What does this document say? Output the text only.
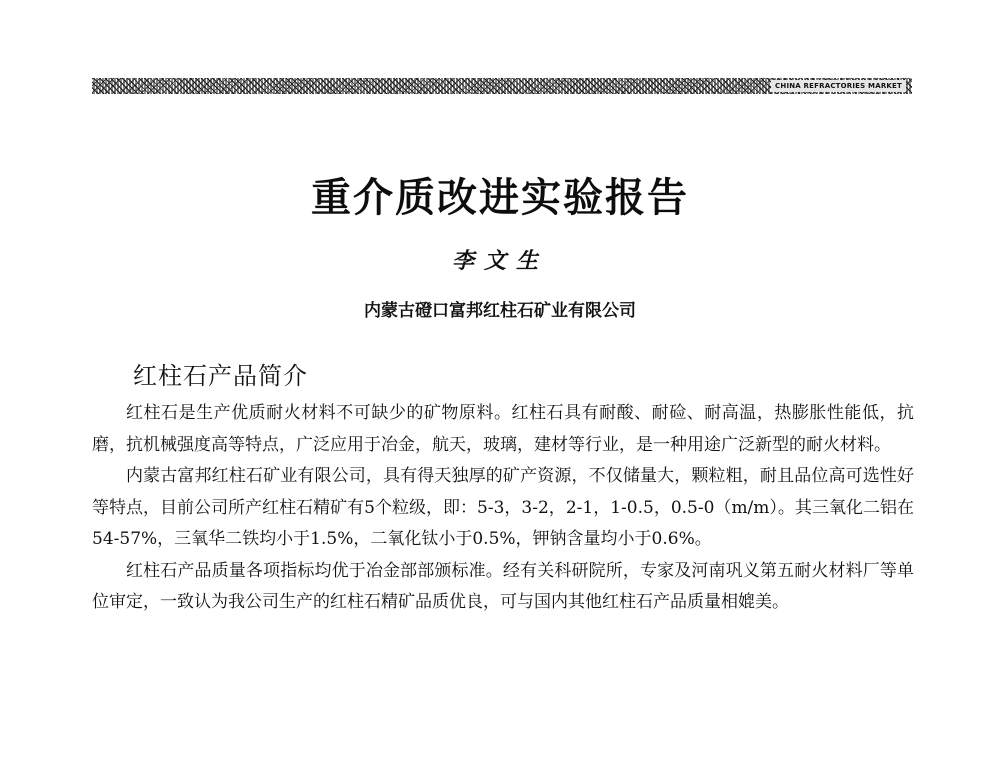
CHINA REFRACTORIES MARKET
重介质改进实验报告
李文生
内蒙古磴口富邦红柱石矿业有限公司
红柱石产品简介

红柱石是生产优质耐火材料不可缺少的矿物原料。红柱石具有耐酸、耐硷、耐高温，热膨胀性能低，抗磨，抗机械强度高等特点，广泛应用于冶金，航天，玻璃，建材等行业，是一种用途广泛新型的耐火材料。

内蒙古富邦红柱石矿业有限公司，具有得天独厚的矿产资源，不仅储量大，颗粒粗，耐且品位高可选性好等特点，目前公司所产红柱石精矿有5个粒级，即：5-3，3-2，2-1，1-0.5，0.5-0（m/m）。其三氧化二铝在54-57%，三氧华二铁均小于1.5%，二氧化钛小于0.5%，钾钠含量均小于0.6%。

红柱石产品质量各项指标均优于冶金部部颁标准。经有关科研院所，专家及河南巩义第五耐火材料厂等单位审定，一致认为我公司生产的红柱石精矿品质优良，可与国内其他红柱石产品质量相媲美。
